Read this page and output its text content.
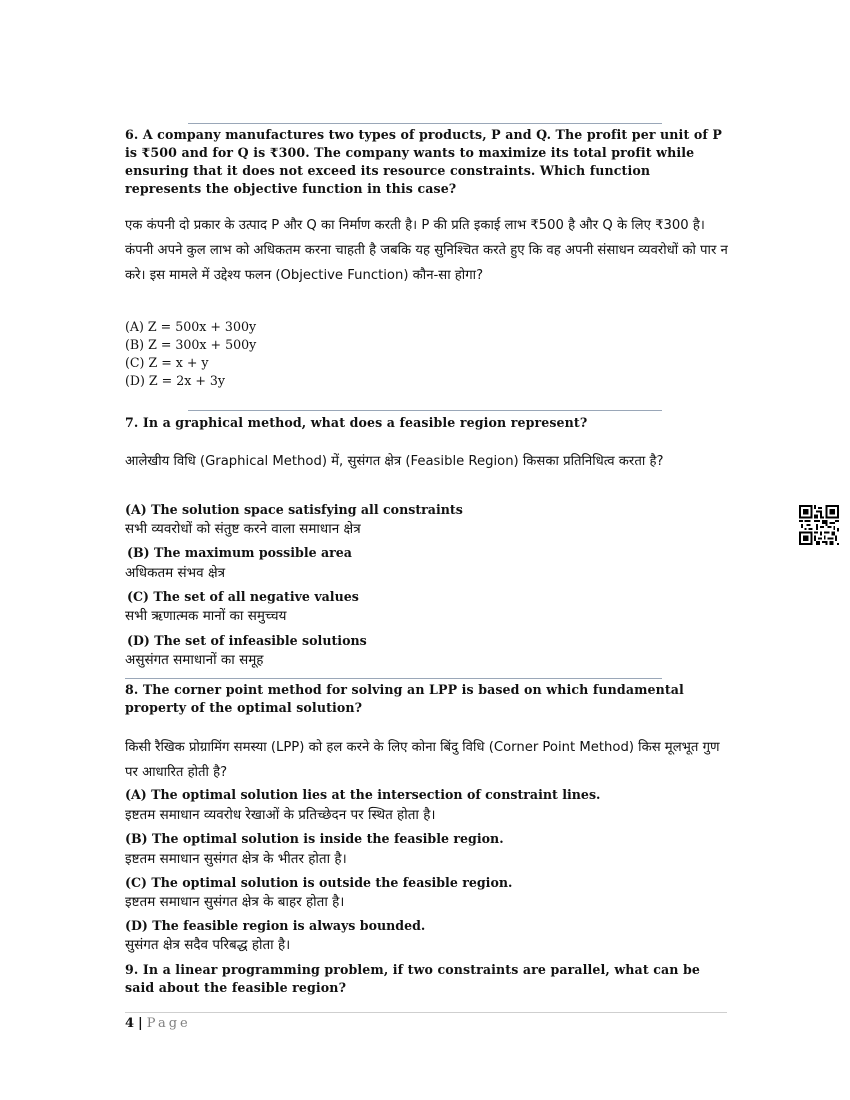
6. A company manufactures two types of products, P and Q. The profit per unit of P is ₹500 and for Q is ₹300. The company wants to maximize its total profit while ensuring that it does not exceed its resource constraints. Which function represents the objective function in this case?
एक कंपनी दो प्रकार के उत्पाद P और Q का निर्माण करती है। P की प्रति इकाई लाभ ₹500 है और Q के लिए ₹300 है। कंपनी अपने कुल लाभ को अधिकतम करना चाहती है जबकि यह सुनिश्चित करते हुए कि वह अपनी संसाधन व्यवरोधों को पार न करे। इस मामले में उद्देश्य फलन (Objective Function) कौन-सा होगा?
(A) Z = 500x + 300y
(B) Z = 300x + 500y
(C) Z = x + y
(D) Z = 2x + 3y
7. In a graphical method, what does a feasible region represent?
आलेखीय विधि (Graphical Method) में, सुसंगत क्षेत्र (Feasible Region) किसका प्रतिनिधित्व करता है?
(A) The solution space satisfying all constraints
सभी व्यवरोधों को संतुष्ट करने वाला समाधान क्षेत्र
(B) The maximum possible area
अधिकतम संभव क्षेत्र
(C) The set of all negative values
सभी ऋणात्मक मानों का समुच्चय
(D) The set of infeasible solutions
असुसंगत समाधानों का समूह
8. The corner point method for solving an LPP is based on which fundamental property of the optimal solution?
किसी रैखिक प्रोग्रामिंग समस्या (LPP) को हल करने के लिए कोना बिंदु विधि (Corner Point Method) किस मूलभूत गुण पर आधारित होती है?
(A) The optimal solution lies at the intersection of constraint lines.
इष्टतम समाधान व्यवरोध रेखाओं के प्रतिच्छेदन पर स्थित होता है।
(B) The optimal solution is inside the feasible region.
इष्टतम समाधान सुसंगत क्षेत्र के भीतर होता है।
(C) The optimal solution is outside the feasible region.
इष्टतम समाधान सुसंगत क्षेत्र के बाहर होता है।
(D) The feasible region is always bounded.
सुसंगत क्षेत्र सदैव परिबद्ध होता है।
9. In a linear programming problem, if two constraints are parallel, what can be said about the feasible region?
4 | Page
